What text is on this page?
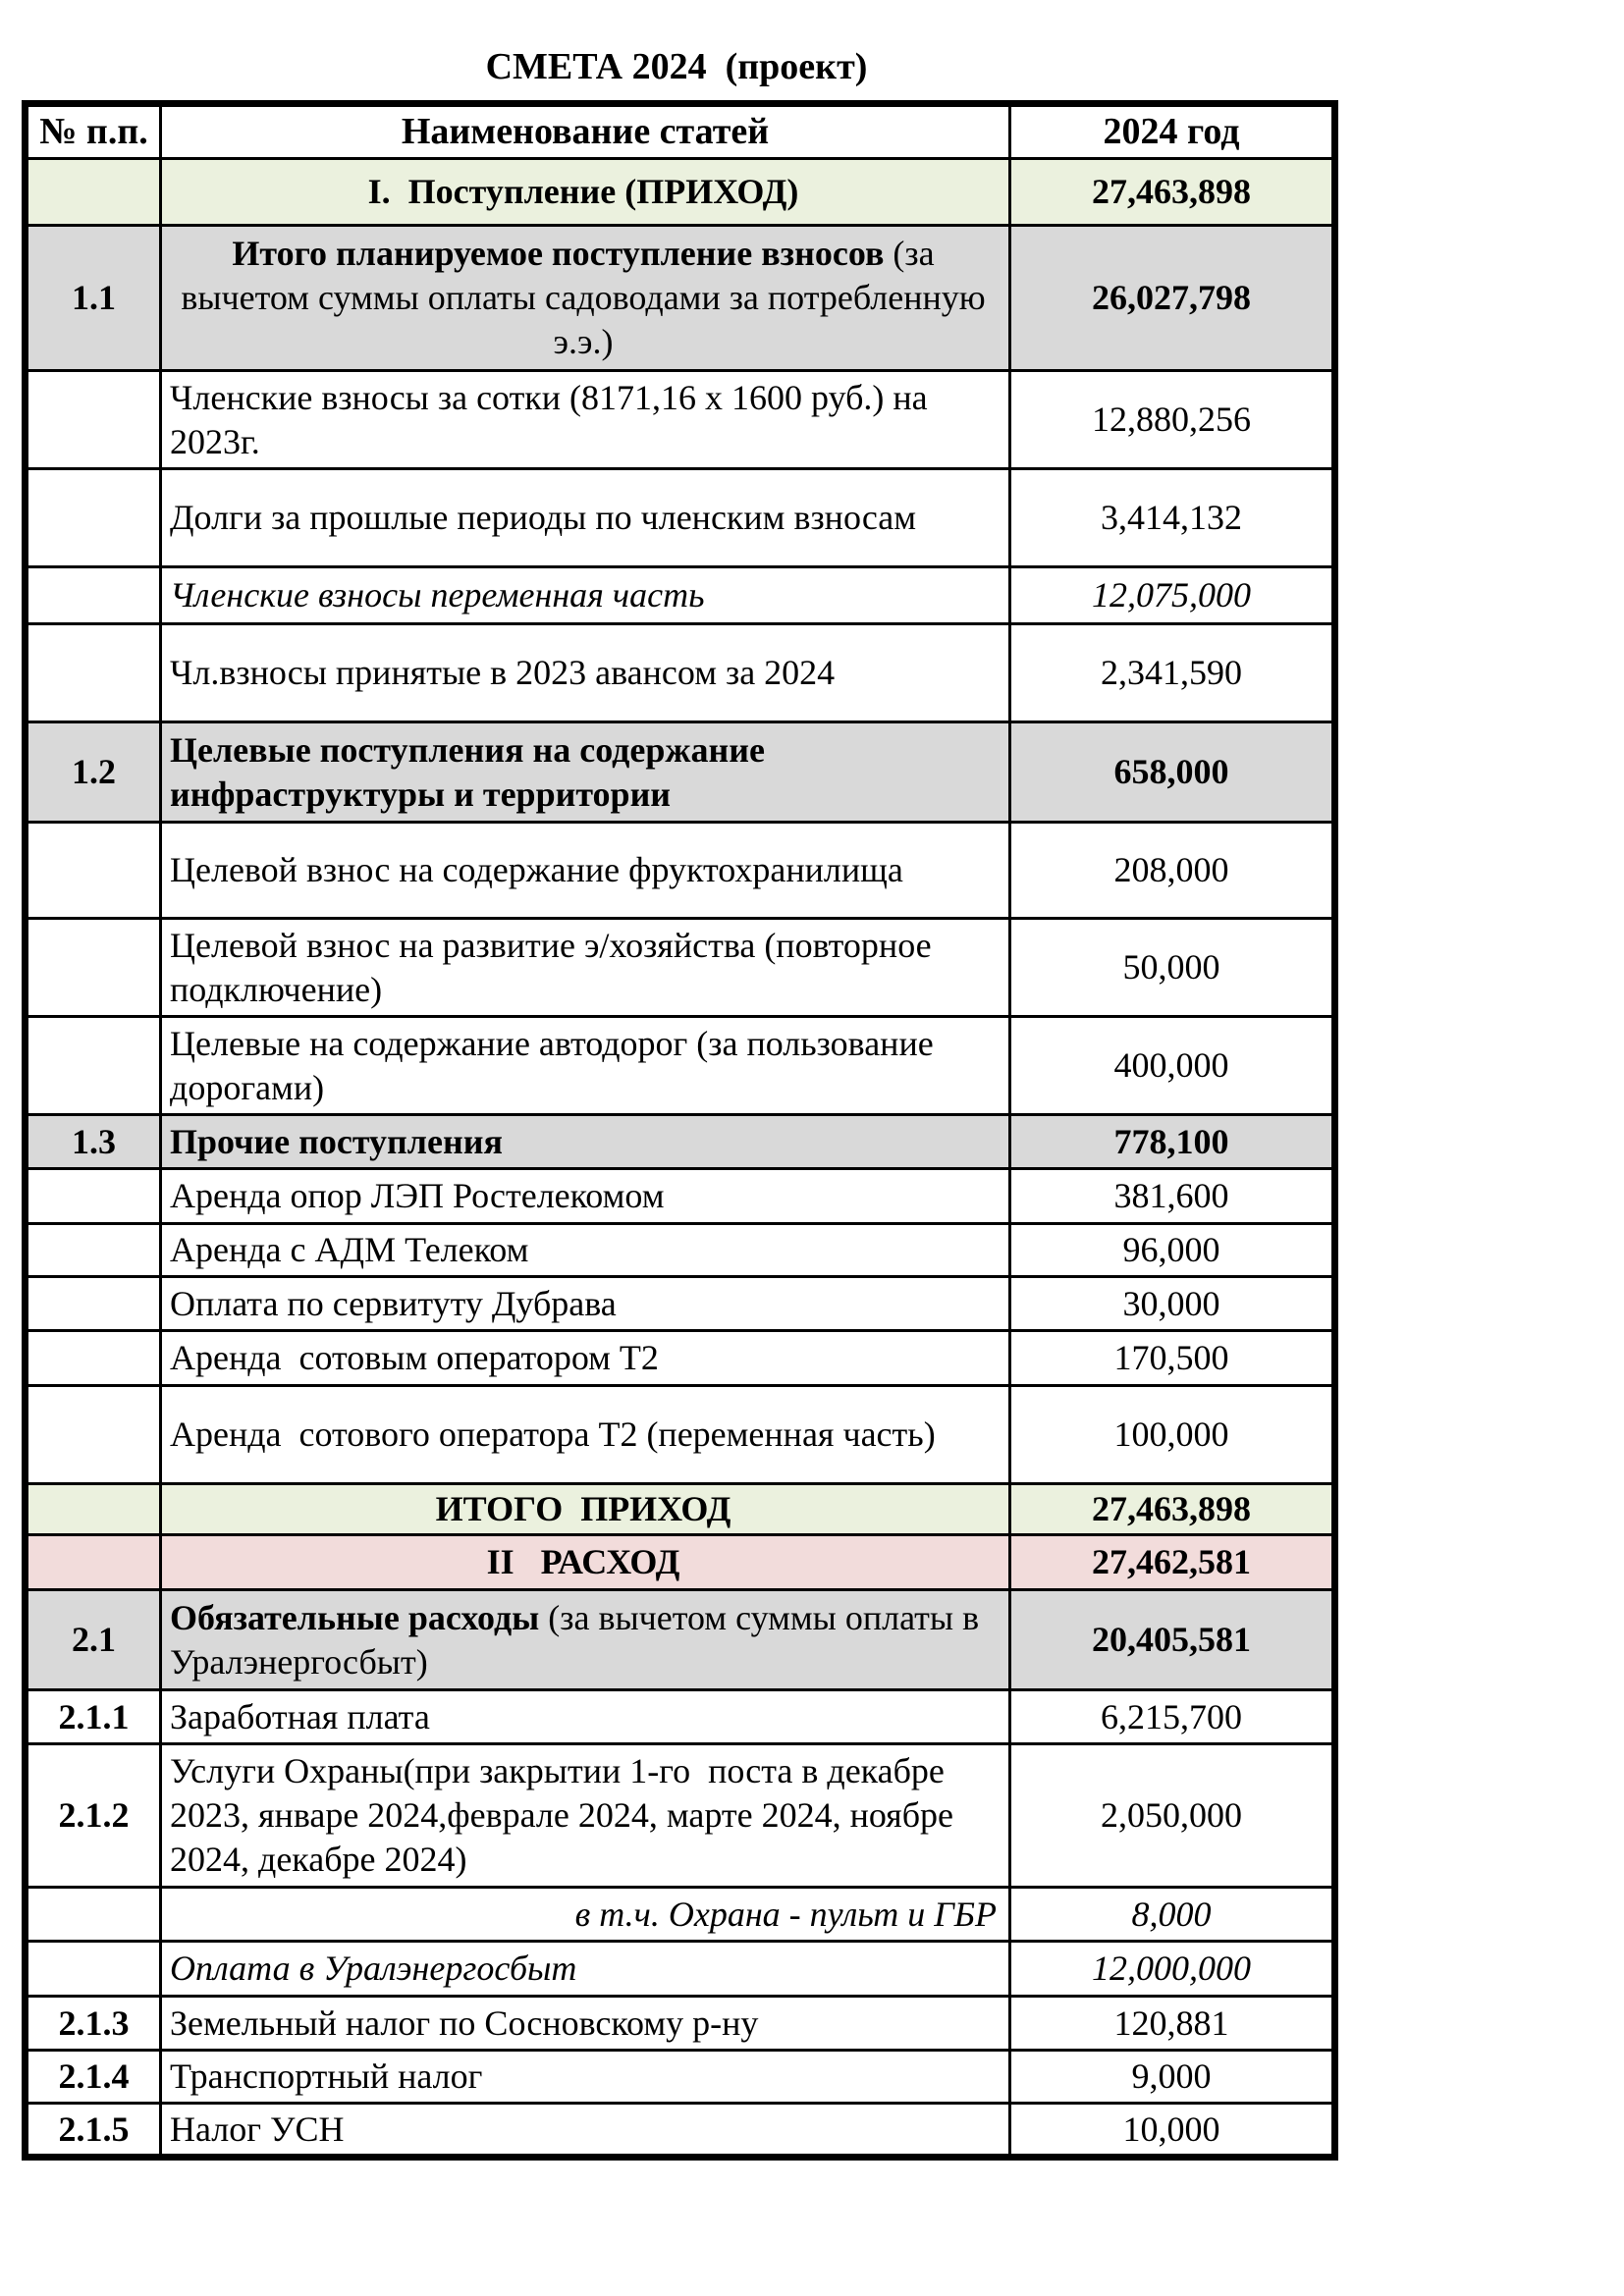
СМЕТА 2024  (проект)
№ п.п.	Наименование статей	2024 год
	I.  Поступление (ПРИХОД)	27,463,898
1.1	Итого планируемое поступление взносов (за вычетом суммы оплаты садоводами за потребленную э.э.)	26,027,798
	Членские взносы за сотки (8171,16 х 1600 руб.) на 2023г.	12,880,256
	Долги за прошлые периоды по членским взносам	3,414,132
	Членские взносы переменная часть	12,075,000
	Чл.взносы принятые в 2023 авансом за 2024	2,341,590
1.2	Целевые поступления на содержание инфраструктуры и территории	658,000
	Целевой взнос на содержание фруктохранилища	208,000
	Целевой взнос на развитие э/хозяйства (повторное подключение)	50,000
	Целевые на содержание автодорог (за пользование дорогами)	400,000
1.3	Прочие поступления	778,100
	Аренда опор ЛЭП Ростелекомом	381,600
	Аренда с АДМ Телеком	96,000
	Оплата по сервитуту Дубрава	30,000
	Аренда  сотовым оператором Т2	170,500
	Аренда  сотового оператора Т2 (переменная часть)	100,000
	ИТОГО  ПРИХОД	27,463,898
	II   РАСХОД	27,462,581
2.1	Обязательные расходы (за вычетом суммы оплаты в Уралэнергосбыт)	20,405,581
2.1.1	Заработная плата	6,215,700
2.1.2	Услуги Охраны(при закрытии 1-го  поста в декабре 2023, январе 2024,феврале 2024, марте 2024, ноябре 2024, декабре 2024)	2,050,000
	в т.ч. Охрана - пульт и ГБР	8,000
	Оплата в Уралэнергосбыт	12,000,000
2.1.3	Земельный налог по Сосновскому р-ну	120,881
2.1.4	Транспортный налог	9,000
2.1.5	Налог УСН	10,000
